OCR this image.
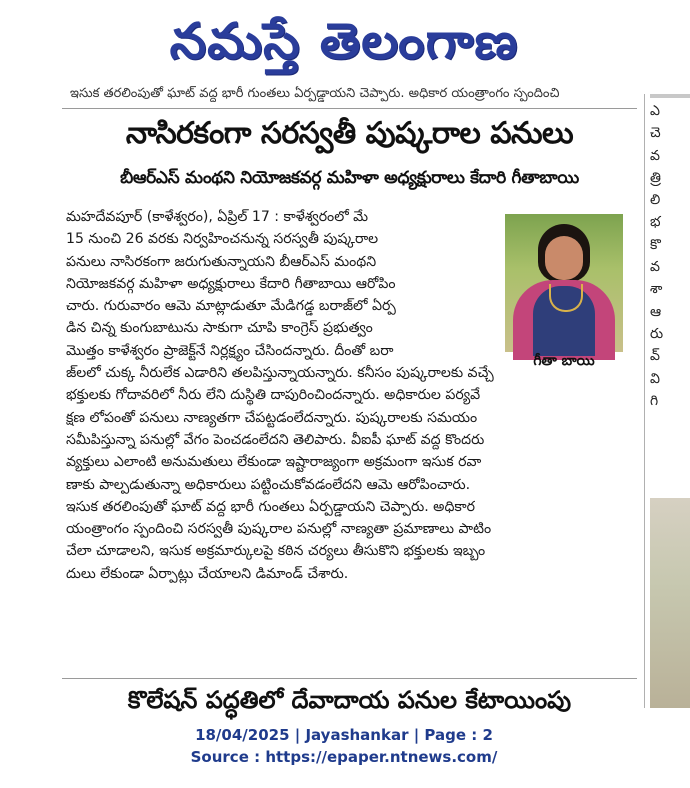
నమస్తే తెలంగాణ
ఇసుక తరలింపుతో ఘాట్ వద్ద భారీ గుంతలు ఏర్పడ్డాయని చెప్పారు. అధికార యంత్రాంగం స్పందించి
నాసిరకంగా సరస్వతీ పుష్కరాల పనులు
బీఆర్ఎస్ మంథని నియోజకవర్గ మహిళా అధ్యక్షురాలు కేదారి గీతాబాయి
మహదేవపూర్ (కాళేశ్వరం), ఏప్రిల్ 17 : కాళేశ్వరంలో మే
15 నుంచి 26 వరకు నిర్వహించనున్న సరస్వతీ పుష్కరాల
పనులు నాసిరకంగా జరుగుతున్నాయని బీఆర్ఎస్ మంథని
నియోజకవర్గ మహిళా అధ్యక్షురాలు కేదారి గీతాబాయి ఆరోపిం
చారు. గురువారం ఆమె మాట్లాడుతూ మేడిగడ్డ బరాజ్‌లో ఏర్ప
డిన చిన్న కుంగుబాటును సాకుగా చూపి కాంగ్రెస్ ప్రభుత్వం
మొత్తం కాళేశ్వరం ప్రాజెక్ట్‌నే నిర్లక్ష్యం చేసిందన్నారు. దీంతో బరా
జ్‌లలో చుక్క నీరులేక ఎడారిని తలపిస్తున్నాయన్నారు. కనీసం పుష్కరాలకు వచ్చే
భక్తులకు గోదావరిలో నీరు లేని దుస్థితి దాపురించిందన్నారు. అధికారుల పర్యవే
క్షణ లోపంతో పనులు నాణ్యతగా చేపట్టడంలేదన్నారు. పుష్కరాలకు సమయం
సమీపిస్తున్నా పనుల్లో వేగం పెంచడంలేదని తెలిపారు. వీఐపీ ఘాట్ వద్ద కొందరు
వ్యక్తులు ఎలాంటి అనుమతులు లేకుండా ఇష్టారాజ్యంగా అక్రమంగా ఇసుక రవా
ణాకు పాల్పడుతున్నా అధికారులు పట్టించుకోవడంలేదని ఆమె ఆరోపించారు.
ఇసుక తరలింపుతో ఘాట్ వద్ద భారీ గుంతలు ఏర్పడ్డాయని చెప్పారు. అధికార
యంత్రాంగం స్పందించి సరస్వతీ పుష్కరాల పనుల్లో నాణ్యతా ప్రమాణాలు పాటిం
చేలా చూడాలని, ఇసుక అక్రమార్కులపై కఠిన చర్యలు తీసుకొని భక్తులకు ఇబ్బం
దులు లేకుండా ఏర్పాట్లు చేయాలని డిమాండ్ చేశారు.
గీతా బాయి
కొలేషన్ పద్ధతిలో దేవాదాయ పనుల కేటాయింపు
ఎ
చె
వ
త్రి
లి
భ
కొ
వ
శా
ఆ
రు
వ్
వి
గి
18/04/2025 | Jayashankar | Page : 2
Source : https://epaper.ntnews.com/
